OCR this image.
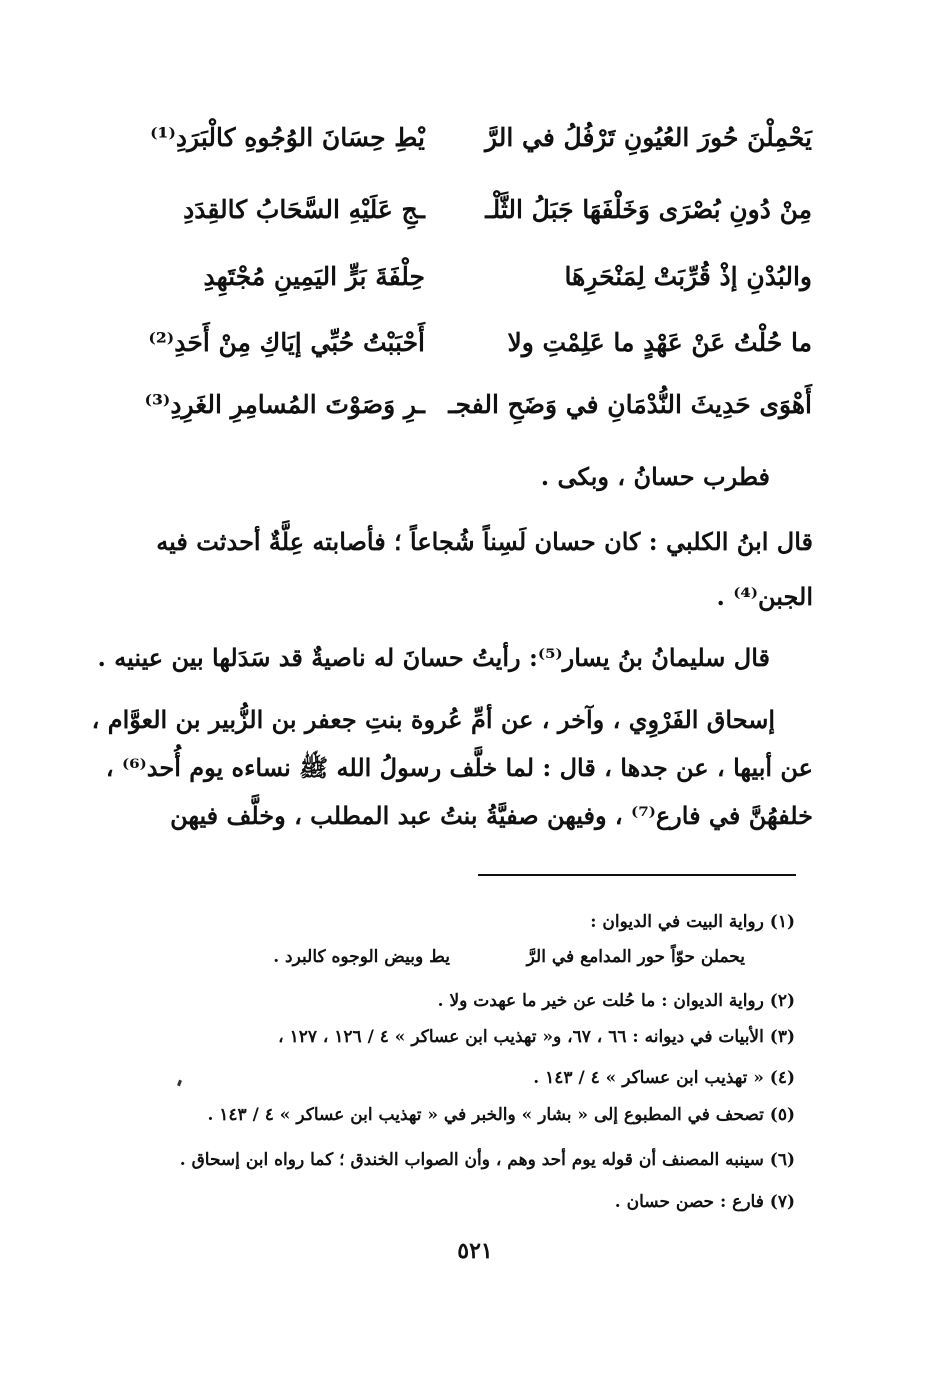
يَحْمِلْنَ حُورَ العُيُونِ تَرْفُلُ في الرَّ
يْطِ حِسَانَ الوُجُوهِ كالْبَرَدِ⁽¹⁾
مِنْ دُونِ بُصْرَى وَخَلْفَهَا جَبَلُ الثَّلْـ
ـجِ عَلَيْهِ السَّحَابُ كالقِدَدِ
والبُدْنِ إذْ قُرِّبَتْ لِمَنْحَرِهَا
حِلْفَةَ بَرٍّ اليَمِينِ مُجْتَهِدِ
ما حُلْتُ عَنْ عَهْدٍ ما عَلِمْتِ ولا
أَحْبَبْتُ حُبِّي إيَاكِ مِنْ أَحَدِ⁽²⁾
أَهْوَى حَدِيثَ النُّدْمَانِ في وَضَحِ الفجـ
ـرِ وَصَوْتَ المُسامِرِ الغَرِدِ⁽³⁾
فطرب حسانُ ، وبكى .
قال ابنُ الكلبي : كان حسان لَسِناً شُجاعاً ؛ فأصابته عِلَّةٌ أحدثت فيه
الجبن⁽⁴⁾ .
قال سليمانُ بنُ يسار⁽⁵⁾: رأيتُ حسانَ له ناصيةٌ قد سَدَلها بين عينيه .
إسحاق الفَرْوِي ، وآخر ، عن أمِّ عُروة بنتِ جعفر بن الزُّبير بن العوَّام ،
عن أبيها ، عن جدها ، قال : لما خلَّف رسولُ الله ﷺ نساءه يوم أُحد⁽⁶⁾ ،
خلفهُنَّ في فارع⁽⁷⁾ ، وفيهن صفيَّةُ بنتُ عبد المطلب ، وخلَّف فيهن
(١) رواية البيت في الديوان :
يحملن حوّاً حور المدامع في الرَّ
يط وبيض الوجوه كالبرد .
(٢) رواية الديوان : ما حُلت عن خير ما عهدت ولا .
(٣) الأبيات في ديوانه : ٦٦ ، ٦٧، و« تهذيب ابن عساكر » ٤ / ١٢٦ ، ١٢٧ ،
(٤) « تهذيب ابن عساكر » ٤ / ١٤٣ .
(٥) تصحف في المطبوع إلى « بشار » والخبر في « تهذيب ابن عساكر » ٤ / ١٤٣ .
(٦) سينبه المصنف أن قوله يوم أحد وهم ، وأن الصواب الخندق ؛ كما رواه ابن إسحاق .
(٧) فارع : حصن حسان .
٥٢١
